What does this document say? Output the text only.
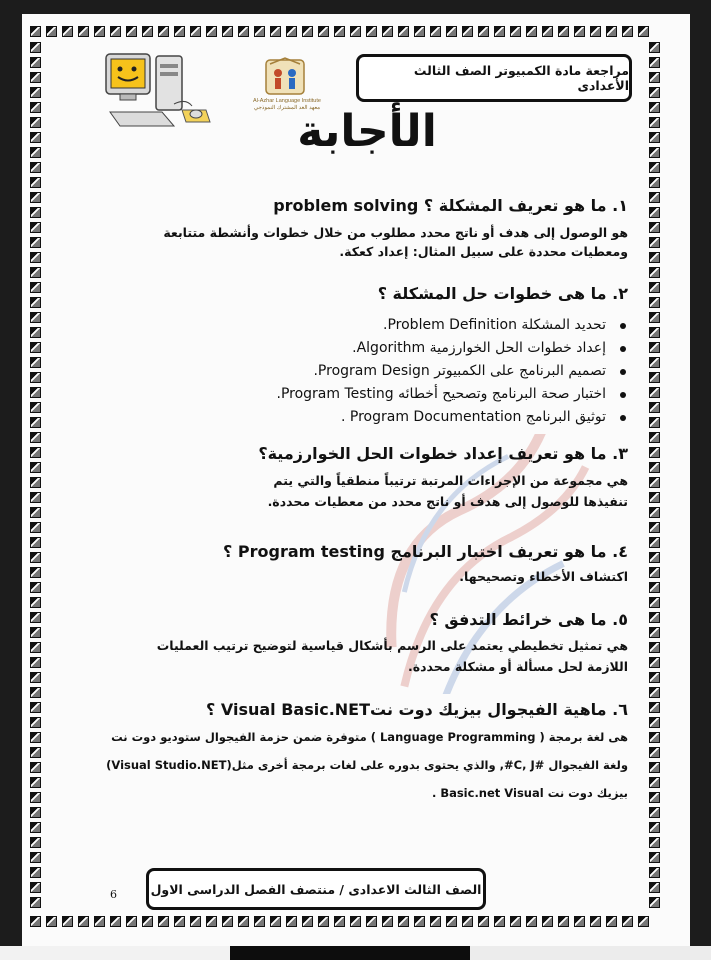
Al-Azhar Language Institute
معهد الغد المشترك النموذجي
مراجعة مادة الكمبيوتر الصف الثالث الأعدادى
الأجابة
١. ما هو تعريف المشكلة ؟ problem solving
هو الوصول إلى هدف أو ناتج محدد مطلوب من خلال خطوات وأنشطة متتابعة
ومعطيات محددة على سبيل المثال: إعداد كعكة.
٢. ما هى خطوات حل المشكلة ؟
تحديد المشكلة Problem Definition.
إعداد خطوات الحل الخوارزمية Algorithm.
تصميم البرنامج على الكمبيوتر Program Design.
اختبار صحة البرنامج وتصحيح أخطائه Program Testing.
توثيق البرنامج Program Documentation .
٣. ما هو تعريف إعداد خطوات الحل الخوارزمية؟
هي مجموعة من الإجراءات المرتبة ترتيباً منطقياً والتي يتم
تنفيذها للوصول إلى هدف أو ناتج محدد من معطيات محددة.
٤. ما هو تعريف اختبار البرنامج Program testing ؟
اكتشاف الأخطاء وتصحيحها.
٥. ما هى خرائط التدفق ؟
هي تمثيل تخطيطي يعتمد على الرسم بأشكال قياسية لتوضيح ترتيب العمليات
اللازمة لحل مسألة أو مشكلة محددة.
٦. ماهية الفيجوال بيزيك دوت نتVisual Basic.NET ؟
هى لغة برمجة ( Language Programming ) متوفرة ضمن حزمة الفيجوال ستوديو دوت نت
(Visual Studio.NET)والذي يحتوى بدوره على لغات برمجة أخرى مثل ,#C, J# ولغة الفيجوال
بيزيك دوت نت Basic.net Visual .
6	الصف الثالث الاعدادى / منتصف الفصل الدراسى الاول
